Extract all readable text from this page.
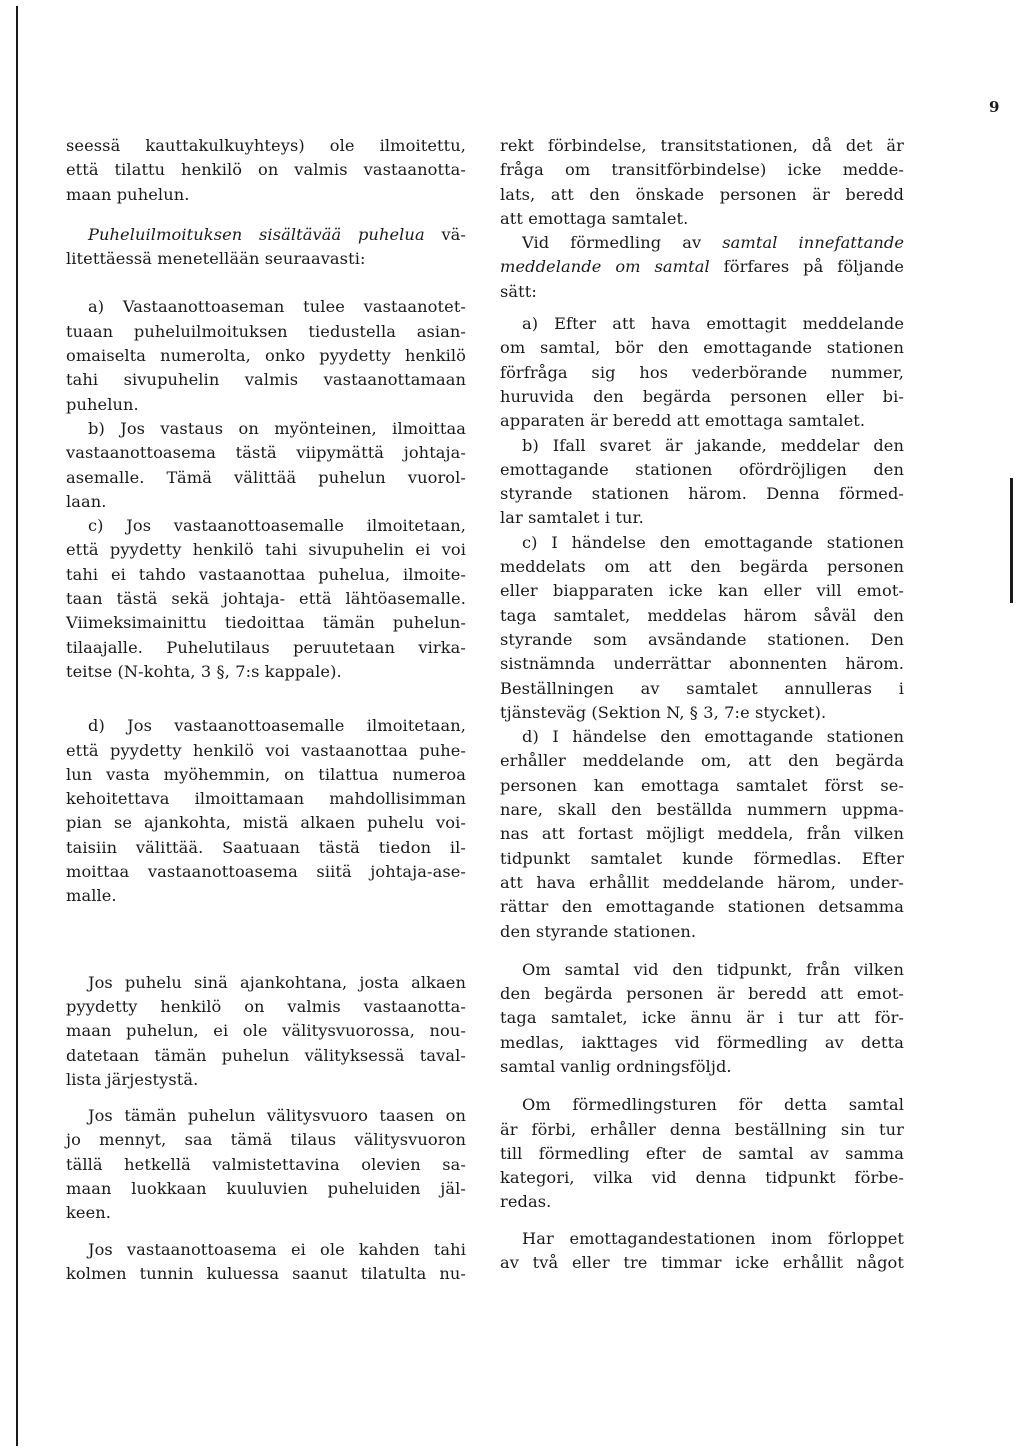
9
seessä kauttakulkuyhteys) ole ilmoitettu,
että tilattu henkilö on valmis vastaanotta-
maan puhelun.
Puheluilmoituksen sisältävää puhelua vä-
litettäessä menetellään seuraavasti:
a) Vastaanottoaseman tulee vastaanotet-
tuaan puheluilmoituksen tiedustella asian-
omaiselta numerolta, onko pyydetty henkilö
tahi sivupuhelin valmis vastaanottamaan
puhelun.
b) Jos vastaus on myönteinen, ilmoittaa
vastaanottoasema tästä viipymättä johtaja-
asemalle. Tämä välittää puhelun vuorol-
laan.
c) Jos vastaanottoasemalle ilmoitetaan,
että pyydetty henkilö tahi sivupuhelin ei voi
tahi ei tahdo vastaanottaa puhelua, ilmoite-
taan tästä sekä johtaja- että lähtöasemalle.
Viimeksimainittu tiedoittaa tämän puhelun-
tilaajalle. Puhelutilaus peruutetaan virka-
teitse (N-kohta, 3 §, 7:s kappale).
d) Jos vastaanottoasemalle ilmoitetaan,
että pyydetty henkilö voi vastaanottaa puhe-
lun vasta myöhemmin, on tilattua numeroa
kehoitettava ilmoittamaan mahdollisimman
pian se ajankohta, mistä alkaen puhelu voi-
taisiin välittää. Saatuaan tästä tiedon il-
moittaa vastaanottoasema siitä johtaja-ase-
malle.
Jos puhelu sinä ajankohtana, josta alkaen
pyydetty henkilö on valmis vastaanotta-
maan puhelun, ei ole välitysvuorossa, nou-
datetaan tämän puhelun välityksessä taval-
lista järjestystä.
Jos tämän puhelun välitysvuoro taasen on
jo mennyt, saa tämä tilaus välitysvuoron
tällä hetkellä valmistettavina olevien sa-
maan luokkaan kuuluvien puheluiden jäl-
keen.
Jos vastaanottoasema ei ole kahden tahi
kolmen tunnin kuluessa saanut tilatulta nu-
rekt förbindelse, transitstationen, då det är
fråga om transitförbindelse) icke medde-
lats, att den önskade personen är beredd
att emottaga samtalet.
Vid förmedling av samtal innefattande
meddelande om samtal förfares på följande
sätt:
a) Efter att hava emottagit meddelande
om samtal, bör den emottagande stationen
förfråga sig hos vederbörande nummer,
huruvida den begärda personen eller bi-
apparaten är beredd att emottaga samtalet.
b) Ifall svaret är jakande, meddelar den
emottagande stationen ofördröjligen den
styrande stationen härom. Denna förmed-
lar samtalet i tur.
c) I händelse den emottagande stationen
meddelats om att den begärda personen
eller biapparaten icke kan eller vill emot-
taga samtalet, meddelas härom såväl den
styrande som avsändande stationen. Den
sistnämnda underrättar abonnenten härom.
Beställningen av samtalet annulleras i
tjänsteväg (Sektion N, § 3, 7:e stycket).
d) I händelse den emottagande stationen
erhåller meddelande om, att den begärda
personen kan emottaga samtalet först se-
nare, skall den beställda nummern uppma-
nas att fortast möjligt meddela, från vilken
tidpunkt samtalet kunde förmedlas. Efter
att hava erhållit meddelande härom, under-
rättar den emottagande stationen detsamma
den styrande stationen.
Om samtal vid den tidpunkt, från vilken
den begärda personen är beredd att emot-
taga samtalet, icke ännu är i tur att för-
medlas, iakttages vid förmedling av detta
samtal vanlig ordningsföljd.
Om förmedlingsturen för detta samtal
är förbi, erhåller denna beställning sin tur
till förmedling efter de samtal av samma
kategori, vilka vid denna tidpunkt förbe-
redas.
Har emottagandestationen inom förloppet
av två eller tre timmar icke erhållit något
